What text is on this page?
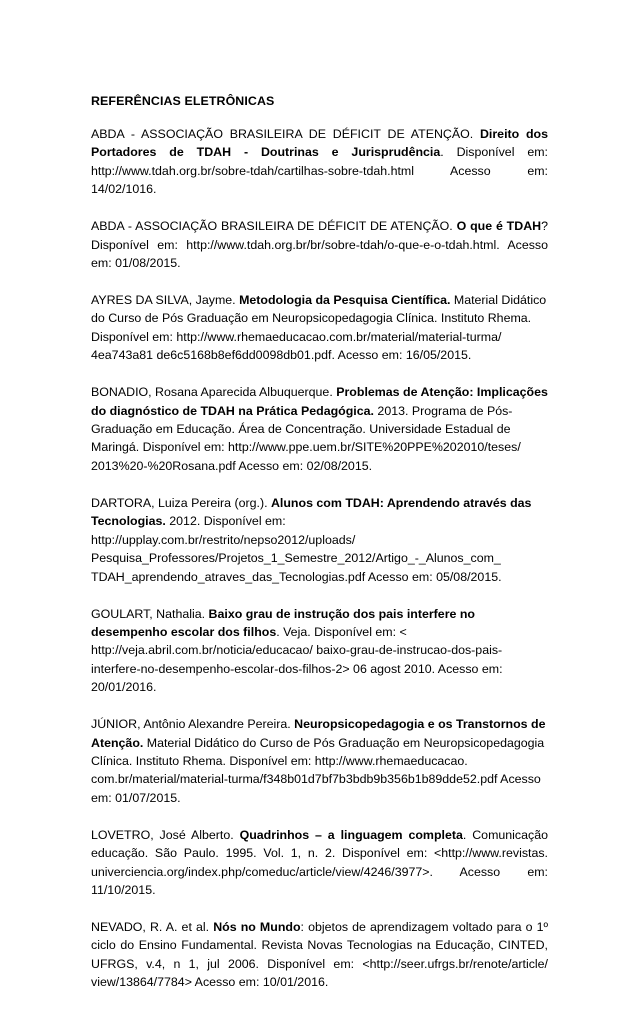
REFERÊNCIAS ELETRÔNICAS

ABDA - ASSOCIAÇÃO BRASILEIRA DE DÉFICIT DE ATENÇÃO. Direito dos Portadores de TDAH - Doutrinas e Jurisprudência. Disponível em: http://www.tdah.org.br/sobre-tdah/cartilhas-sobre-tdah.html Acesso em: 14/02/1016.

ABDA - ASSOCIAÇÃO BRASILEIRA DE DÉFICIT DE ATENÇÃO. O que é TDAH? Disponível em: http://www.tdah.org.br/br/sobre-tdah/o-que-e-o-tdah.html. Acesso em: 01/08/2015.

AYRES DA SILVA, Jayme. Metodologia da Pesquisa Científica. Material Didático
do Curso de Pós Graduação em Neuropsicopedagogia Clínica. Instituto Rhema.
Disponível em: http://www.rhemaeducacao.com.br/material/material-turma/
4ea743a81 de6c5168b8ef6dd0098db01.pdf. Acesso em: 16/05/2015.

BONADIO, Rosana Aparecida Albuquerque. Problemas de Atenção: Implicações do diagnóstico de TDAH na Prática Pedagógica. 2013. Programa de Pós-Graduação em Educação. Área de Concentração. Universidade Estadual de Maringá. Disponível em: http://www.ppe.uem.br/SITE%20PPE%202010/teses/ 2013%20-%20Rosana.pdf Acesso em: 02/08/2015.

DARTORA, Luiza Pereira (org.). Alunos com TDAH: Aprendendo através das Tecnologias. 2012. Disponível em: http://upplay.com.br/restrito/nepso2012/uploads/ Pesquisa_Professores/Projetos_1_Semestre_2012/Artigo_-_Alunos_com_ TDAH_aprendendo_atraves_das_Tecnologias.pdf Acesso em: 05/08/2015.

GOULART, Nathalia. Baixo grau de instrução dos pais interfere no desempenho escolar dos filhos. Veja. Disponível em: < http://veja.abril.com.br/noticia/educacao/ baixo-grau-de-instrucao-dos-pais-interfere-no-desempenho-escolar-dos-filhos-2> 06 agost 2010. Acesso em: 20/01/2016.

JÚNIOR, Antônio Alexandre Pereira. Neuropsicopedagogia e os Transtornos de Atenção. Material Didático do Curso de Pós Graduação em Neuropsicopedagogia Clínica. Instituto Rhema. Disponível em: http://www.rhemaeducacao. com.br/material/material-turma/f348b01d7bf7b3bdb9b356b1b89dde52.pdf Acesso em: 01/07/2015.

LOVETRO, José Alberto. Quadrinhos – a linguagem completa. Comunicação educação. São Paulo. 1995. Vol. 1, n. 2. Disponível em: <http://www.revistas. univerciencia.org/index.php/comeduc/article/view/4246/3977>. Acesso em: 11/10/2015.

NEVADO, R. A. et al. Nós no Mundo: objetos de aprendizagem voltado para o 1º ciclo do Ensino Fundamental. Revista Novas Tecnologias na Educação, CINTED, UFRGS, v.4, n 1, jul 2006. Disponível em: <http://seer.ufrgs.br/renote/article/ view/13864/7784> Acesso em: 10/01/2016.
